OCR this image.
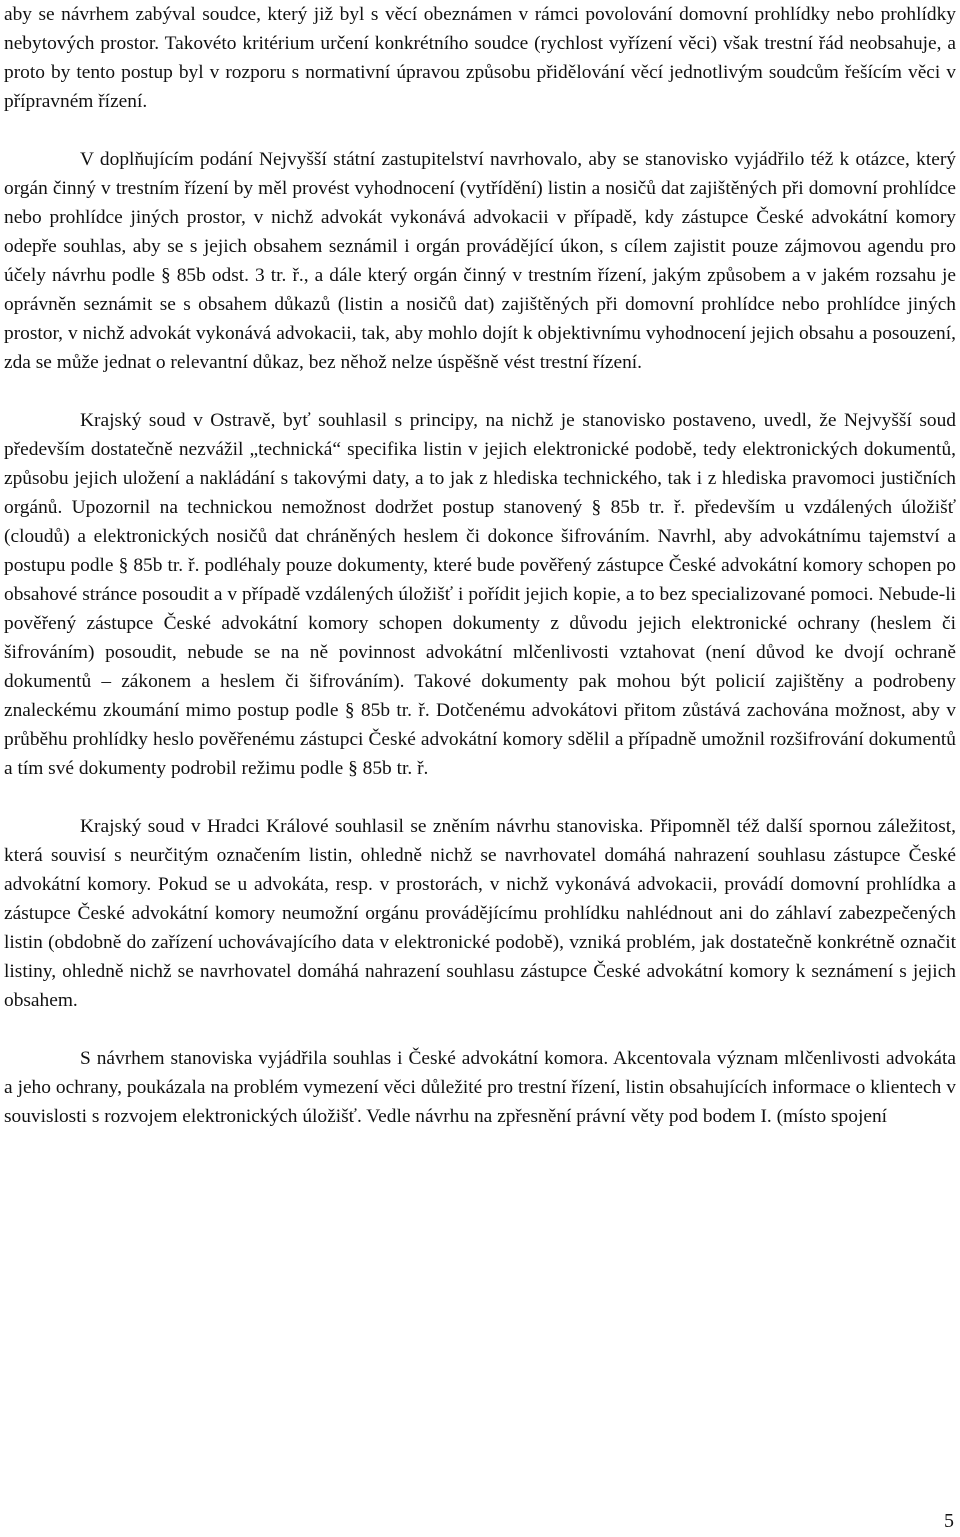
aby se návrhem zabýval soudce, který již byl s věcí obeznámen v rámci povolování domovní prohlídky nebo prohlídky nebytových prostor. Takovéto kritérium určení konkrétního soudce (rychlost vyřízení věci) však trestní řád neobsahuje, a proto by tento postup byl v rozporu s normativní úpravou způsobu přidělování věcí jednotlivým soudcům řešícím věci v přípravném řízení.

V doplňujícím podání Nejvyšší státní zastupitelství navrhovalo, aby se stanovisko vyjádřilo též k otázce, který orgán činný v trestním řízení by měl provést vyhodnocení (vytřídění) listin a nosičů dat zajištěných při domovní prohlídce nebo prohlídce jiných prostor, v nichž advokát vykonává advokacii v případě, kdy zástupce České advokátní komory odepře souhlas, aby se s jejich obsahem seznámil i orgán provádějící úkon, s cílem zajistit pouze zájmovou agendu pro účely návrhu podle § 85b odst. 3 tr. ř., a dále který orgán činný v trestním řízení, jakým způsobem a v jakém rozsahu je oprávněn seznámit se s obsahem důkazů (listin a nosičů dat) zajištěných při domovní prohlídce nebo prohlídce jiných prostor, v nichž advokát vykonává advokacii, tak, aby mohlo dojít k objektivnímu vyhodnocení jejich obsahu a posouzení, zda se může jednat o relevantní důkaz, bez něhož nelze úspěšně vést trestní řízení.

Krajský soud v Ostravě, byť souhlasil s principy, na nichž je stanovisko postaveno, uvedl, že Nejvyšší soud především dostatečně nezvážil „technická“ specifika listin v jejich elektronické podobě, tedy elektronických dokumentů, způsobu jejich uložení a nakládání s takovými daty, a to jak z hlediska technického, tak i z hlediska pravomoci justičních orgánů. Upozornil na technickou nemožnost dodržet postup stanovený § 85b tr. ř. především u vzdálených úložišť (cloudů) a elektronických nosičů dat chráněných heslem či dokonce šifrováním. Navrhl, aby advokátnímu tajemství a postupu podle § 85b tr. ř. podléhaly pouze dokumenty, které bude pověřený zástupce České advokátní komory schopen po obsahové stránce posoudit a v případě vzdálených úložišť i pořídit jejich kopie, a to bez specializované pomoci. Nebude-li pověřený zástupce České advokátní komory schopen dokumenty z důvodu jejich elektronické ochrany (heslem či šifrováním) posoudit, nebude se na ně povinnost advokátní mlčenlivosti vztahovat (není důvod ke dvojí ochraně dokumentů – zákonem a heslem či šifrováním). Takové dokumenty pak mohou být policií zajištěny a podrobeny znaleckému zkoumání mimo postup podle § 85b tr. ř. Dotčenému advokátovi přitom zůstává zachována možnost, aby v průběhu prohlídky heslo pověřenému zástupci České advokátní komory sdělil a případně umožnil rozšifrování dokumentů a tím své dokumenty podrobil režimu podle § 85b tr. ř.

Krajský soud v Hradci Králové souhlasil se zněním návrhu stanoviska. Připomněl též další spornou záležitost, která souvisí s neurčitým označením listin, ohledně nichž se navrhovatel domáhá nahrazení souhlasu zástupce České advokátní komory. Pokud se u advokáta, resp. v prostorách, v nichž vykonává advokacii, provádí domovní prohlídka a zástupce České advokátní komory neumožní orgánu provádějícímu prohlídku nahlédnout ani do záhlaví zabezpečených listin (obdobně do zařízení uchovávajícího data v elektronické podobě), vzniká problém, jak dostatečně konkrétně označit listiny, ohledně nichž se navrhovatel domáhá nahrazení souhlasu zástupce České advokátní komory k seznámení s jejich obsahem.

S návrhem stanoviska vyjádřila souhlas i České advokátní komora. Akcentovala význam mlčenlivosti advokáta a jeho ochrany, poukázala na problém vymezení věci důležité pro trestní řízení, listin obsahujících informace o klientech v souvislosti s rozvojem elektronických úložišť. Vedle návrhu na zpřesnění právní věty pod bodem I. (místo spojení

5
